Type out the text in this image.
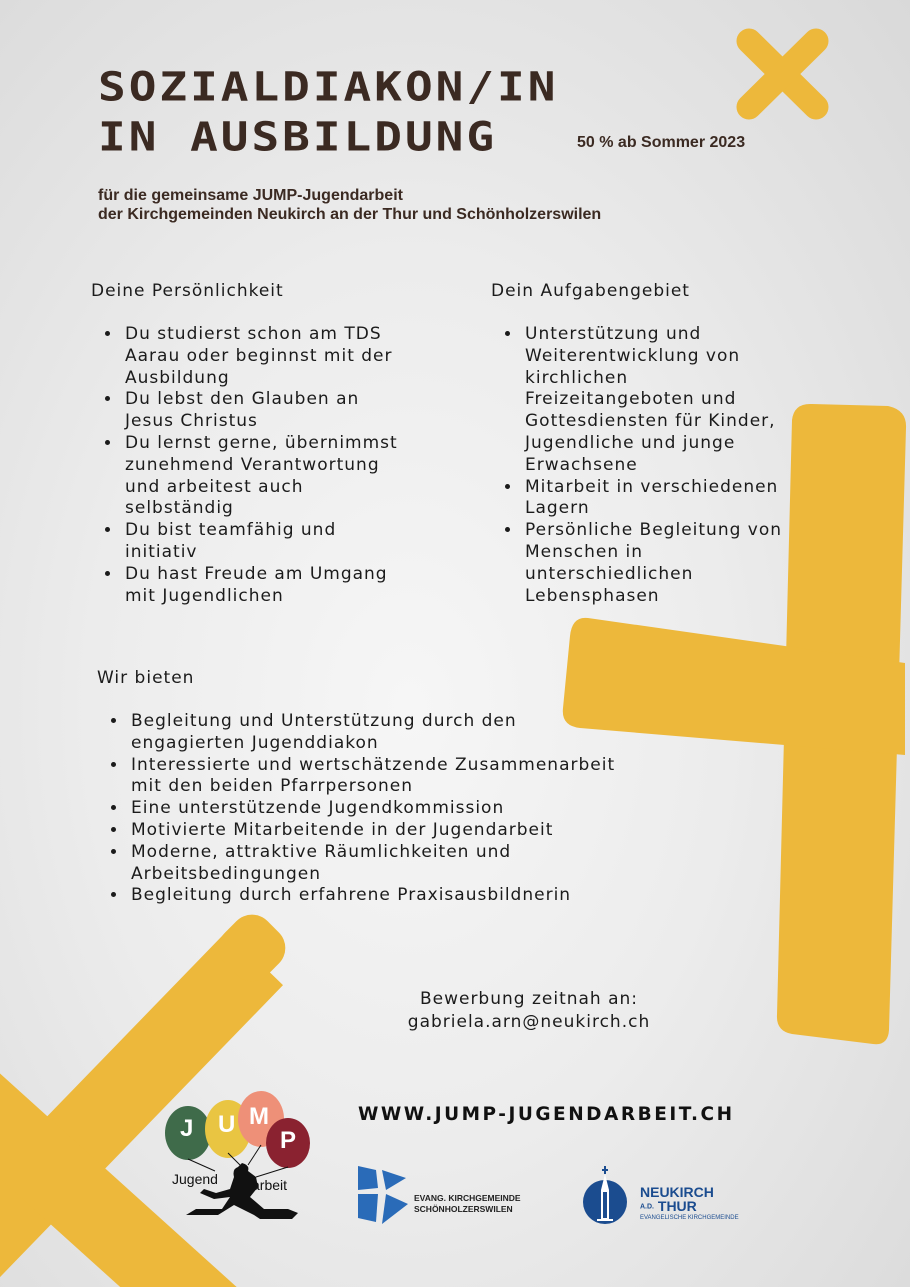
SOZIALDIAKON/IN
IN AUSBILDUNG	50 % ab Sommer 2023
für die gemeinsame JUMP-Jugendarbeit
der Kirchgemeinden Neukirch an der Thur und Schönholzerswilen
Deine Persönlichkeit
• Du studierst schon am TDS
Aarau oder beginnst mit der
Ausbildung
• Du lebst den Glauben an
Jesus Christus
• Du lernst gerne, übernimmst
zunehmend Verantwortung
und arbeitest auch
selbständig
• Du bist teamfähig und
initiativ
• Du hast Freude am Umgang
mit Jugendlichen
Dein Aufgabengebiet
• Unterstützung und
Weiterentwicklung von
kirchlichen
Freizeitangeboten und
Gottesdiensten für Kinder,
Jugendliche und junge
Erwachsene
• Mitarbeit in verschiedenen
Lagern
• Persönliche Begleitung von
Menschen in
unterschiedlichen
Lebensphasen
Wir bieten
• Begleitung und Unterstützung durch den
engagierten Jugenddiakon
• Interessierte und wertschätzende Zusammenarbeit
mit den beiden Pfarrpersonen
• Eine unterstützende Jugendkommission
• Motivierte Mitarbeitende in der Jugendarbeit
• Moderne, attraktive Räumlichkeiten und
Arbeitsbedingungen
• Begleitung durch erfahrene Praxisausbildnerin
Bewerbung zeitnah an:
gabriela.arn@neukirch.ch
WWW.JUMP-JUGENDARBEIT.CH
J U M
P
Jugend arbeit
EVANG. KIRCHGEMEINDE
SCHÖNHOLZERSWILEN
NEUKIRCH
A.D. THUR
EVANGELISCHE KIRCHGEMEINDE
